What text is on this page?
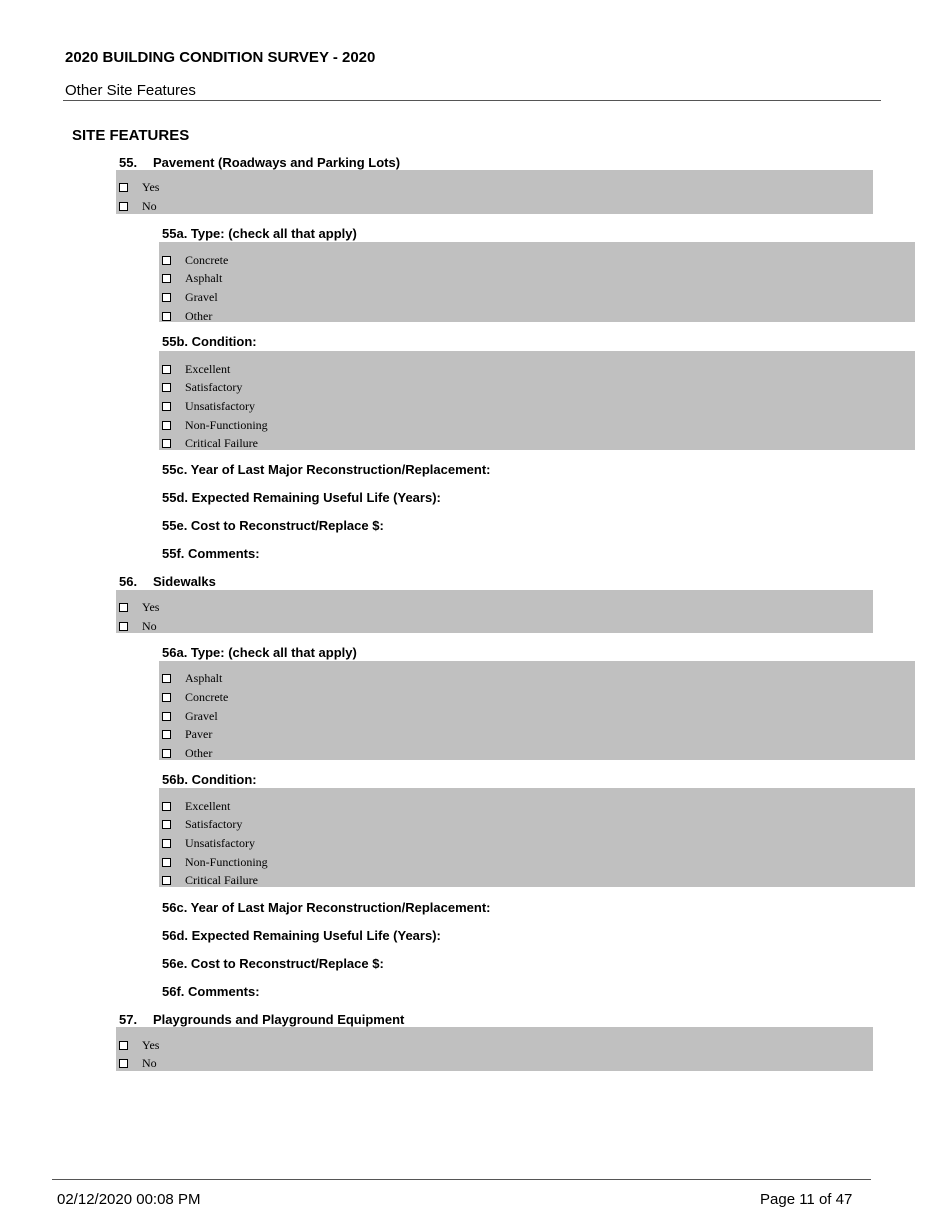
2020 BUILDING CONDITION SURVEY - 2020
Other Site Features
SITE FEATURES
55. Pavement (Roadways and Parking Lots)
Yes
No
55a. Type: (check all that apply)
Concrete
Asphalt
Gravel
Other
55b. Condition:
Excellent
Satisfactory
Unsatisfactory
Non-Functioning
Critical Failure
55c. Year of Last Major Reconstruction/Replacement:
55d. Expected Remaining Useful Life (Years):
55e. Cost to Reconstruct/Replace $:
55f. Comments:
56. Sidewalks
Yes
No
56a. Type: (check all that apply)
Asphalt
Concrete
Gravel
Paver
Other
56b. Condition:
Excellent
Satisfactory
Unsatisfactory
Non-Functioning
Critical Failure
56c. Year of Last Major Reconstruction/Replacement:
56d. Expected Remaining Useful Life (Years):
56e. Cost to Reconstruct/Replace $:
56f. Comments:
57. Playgrounds and Playground Equipment
Yes
No
02/12/2020 00:08 PM	Page 11 of 47
